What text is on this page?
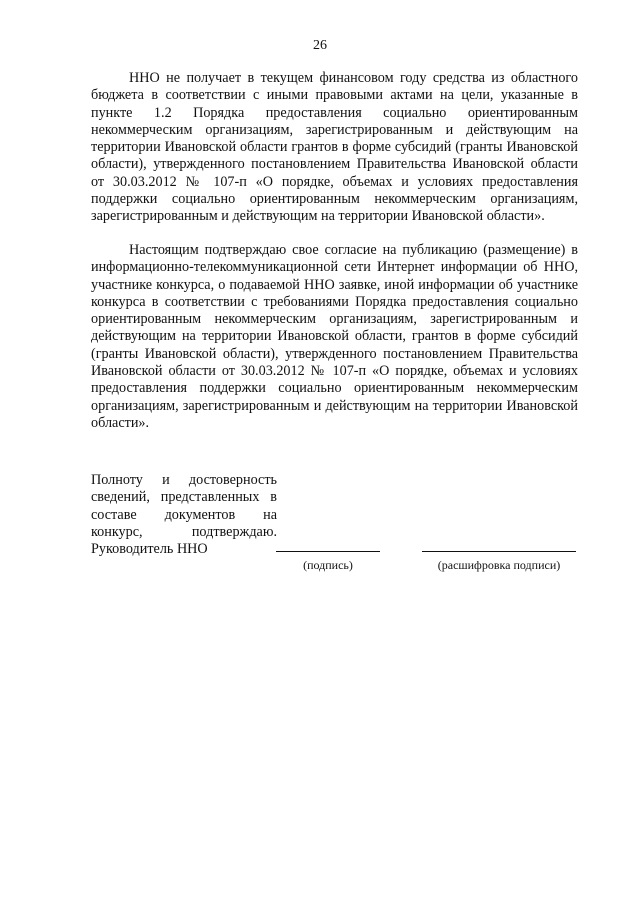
26
ННО не получает в текущем финансовом году средства из областного бюджета в соответствии с иными правовыми актами на цели, указанные в пункте 1.2 Порядка предоставления социально ориентированным некоммерческим организациям, зарегистрированным и действующим на территории Ивановской области грантов в форме субсидий (гранты Ивановской области), утвержденного постановлением Правительства Ивановской области от 30.03.2012 № 107-п «О порядке, объемах и условиях предоставления поддержки социально ориентированным некоммерческим организациям, зарегистрированным и действующим на территории Ивановской области».
Настоящим подтверждаю свое согласие на публикацию (размещение) в информационно-телекоммуникационной сети Интернет информации об ННО, участнике конкурса, о подаваемой ННО заявке, иной информации об участнике конкурса в соответствии с требованиями Порядка предоставления социально ориентированным некоммерческим организациям, зарегистрированным и действующим на территории Ивановской области, грантов в форме субсидий (гранты Ивановской области), утвержденного постановлением Правительства Ивановской области от 30.03.2012 № 107-п «О порядке, объемах и условиях предоставления поддержки социально ориентированным некоммерческим организациям, зарегистрированным и действующим на территории Ивановской области».
Полноту и достоверность сведений, представленных в составе документов на конкурс, подтверждаю.
Руководитель ННО
(подпись)	(расшифровка подписи)
